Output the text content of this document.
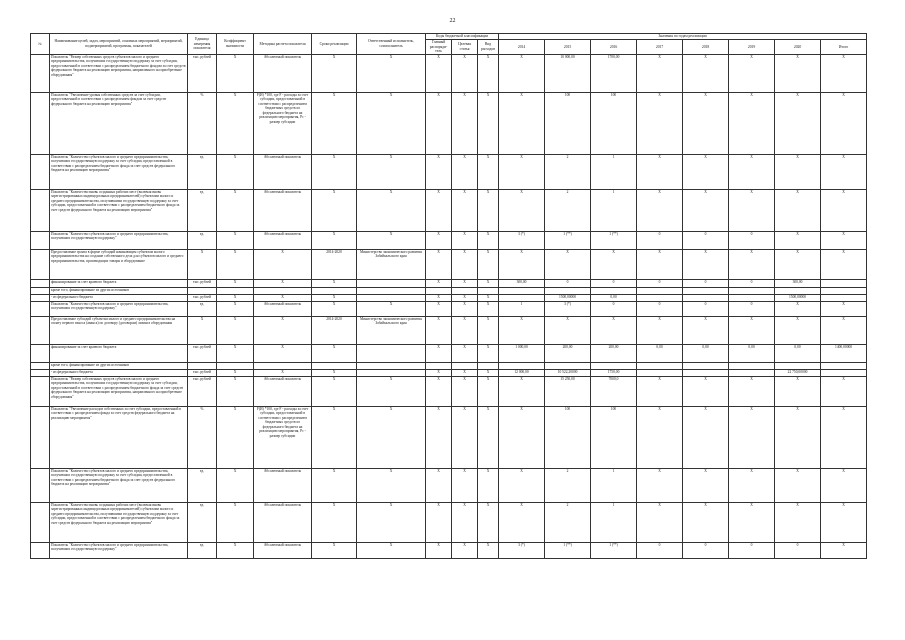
22
№	Наименование целей, задач, мероприятий, основных мероприятий, мероприятий, подмероприятий, программы, показателей	Единица измерения показателя	Коэффициент значимости	Методика расчета показателя	Сроки реализации	Ответственный исполнитель, соисполнитель	Коды бюджетной классификации			Значения по годам реализации							
							Главный распоряди-тель	Целевая статья	Вид расходов	2014	2015	2016	2017	2018	2019	2020	Итого
	Показатель "Размер собственных средств субъектов малого и среднего предпринимательства, получивших государственную поддержку за счет субсидии, предоставленной в соответствии с распределением бюджетного фондом за счет средств федерального бюджета на реализацию мероприятия, направленного на приобретение оборудования"	тыс. рублей	Х	Абсолютный показатель	Х	Х	Х	Х	Х	Х	10 000,00	1700,00	Х	Х	Х	Х	Х
	Показатель "Увеличение уровня собственных средств за счет субсидии, предоставленной в соответствии с распределением фондом за счет средств федерального бюджета на реализацию мероприятия"	%	Х	F(И) *100, где F - расходы за счет субсидии, предоставленной в соответствии с распределением бюджетных средств из федерального бюджета на реализацию мероприятия, Рс - размер субсидии	Х	Х	Х	Х	Х	Х	100	100	Х	Х	Х	Х	Х
	Показатель "Количество субъектов малого и среднего предпринимательства, получивших государственную поддержку за счет субсидии, предоставленной в соответствии с распределением бюджетного фонда за счет средств федерального бюджета на реализацию мероприятия"	ед.	Х	Абсолютный показатель	Х	Х	Х	Х	Х	Х	2	1	Х	Х	Х	Х	Х
	Показатель "Количество вновь созданных рабочих мест (включая вновь зарегистрированных индивидуальных предпринимателей) субъектами малого и среднего предпринимательства, получившими государственную поддержку за счет субсидии, предоставленной в соответствии с распределением бюджетного фонда за счет средств федерального бюджета на реализацию мероприятия"	ед.	Х	Абсолютный показатель	Х	Х	Х	Х	Х	Х	2	1	Х	Х	Х	Х	Х
	Показатель "Количество субъектов малого и среднего предпринимательства, получивших государственную поддержку"	ед.	Х	Абсолютный показатель	Х	Х	Х	Х	Х	3 (*)	1 (**)	1 (**)	0	0	0	Х	Х
	Предоставление гранта в форме субсидий начинающим субъектам малого предпринимательства на создание собственного дела для субъектов малого и среднего предпринимательства, производящих товары и оборудование	Х	Х	Х	2014-2020	Министерство экономического развития Забайкальского края	Х	Х	Х	Х	Х	Х	Х	Х	Х	Х	Х
	финансирование за счет краевого бюджета	тыс. рублей	Х	Х	Х		Х	Х	Х	300,00	0	0	0	0	0	300,00	
	кроме того, финансирование из других источников																
	- из федерального бюджета	тыс. рублей	Х	Х	Х		Х	Х	Х		1500,00000	0,00				1500,00000	
	Показатель "Количество субъектов малого и среднего предпринимательства, получивших государственную поддержку"	ед.	Х	Абсолютный показатель	Х	Х	Х	Х	Х	1	3 (*)	0	0	0	0	Х	Х
	Предоставление субсидий субъектам малого и среднего предпринимательства на оплату первого взноса (аванса) по договору (договорам) лизинга оборудования	Х	Х	Х	2014-2020	Министерство экономического развития Забайкальского края	Х	Х	Х	Х	Х	Х	Х	Х	Х	Х	Х
	финансирование за счет краевого бюджета	тыс. рублей	Х	Х	Х		Х	Х	Х	1 000,00	200,00	200,00	0,00	0,00	0,00	0,00	1400,00000
	кроме того, финансирование из других источников																
	- из федерального бюджета	тыс. рублей	Х	Х	Х		Х	Х	Х	12 000,00	10 522,20000	1750,00				22 750,00000	
	Показатель "Размер собственных средств субъектов малого и среднего предпринимательства, получивших государственную поддержку за счет субсидии, предоставленной в соответствии с распределением бюджетного фонда за счет средств федерального бюджета на реализацию мероприятия, направленного на приобретение оборудования"	тыс. рублей	Х	Абсолютный показатель	Х	Х	Х	Х	Х	Х	15 250,00	7000,0	Х	Х	Х	Х	Х
	Показатель "Увеличение расходов собственных за счет субсидии, предоставленной в соответствии с распределением фонда за счет средств федерального бюджета на реализацию мероприятия"	%	Х	F(И) *100, где F - расходы за счет субсидии, предоставленной в соответствии с распределением бюджетных средств из федерального бюджета на реализацию мероприятия, Рс - размер субсидии	Х	Х	Х	Х	Х	Х	100	100	Х	Х	Х	Х	Х
	Показатель "Количество субъектов малого и среднего предпринимательства, получивших государственную поддержку за счет субсидии, предоставленной в соответствии с распределением бюджетного фонда за счет средств федерального бюджета на реализацию мероприятия"	ед.	Х	Абсолютный показатель	Х	Х	Х	Х	Х	Х	2	1	Х	Х	Х	Х	Х
	Показатель "Количество вновь созданных рабочих мест (включая вновь зарегистрированных индивидуальных предпринимателей) субъектами малого и среднего предпринимательства, получившими государственную поддержку за счет субсидии, предоставленной в соответствии с распределением бюджетного фонда за счет средств федерального бюджета на реализацию мероприятия"	ед.	Х	Абсолютный показатель	Х	Х	Х	Х	Х	Х	2	1	Х	Х	Х	Х	Х
	Показатель "Количество субъектов малого и среднего предпринимательства, получивших государственную поддержку"	ед.	Х	Абсолютный показатель	Х	Х	Х	Х	Х	3 (*)	1 (**)	1 (**)	0	0	0	0	Х
